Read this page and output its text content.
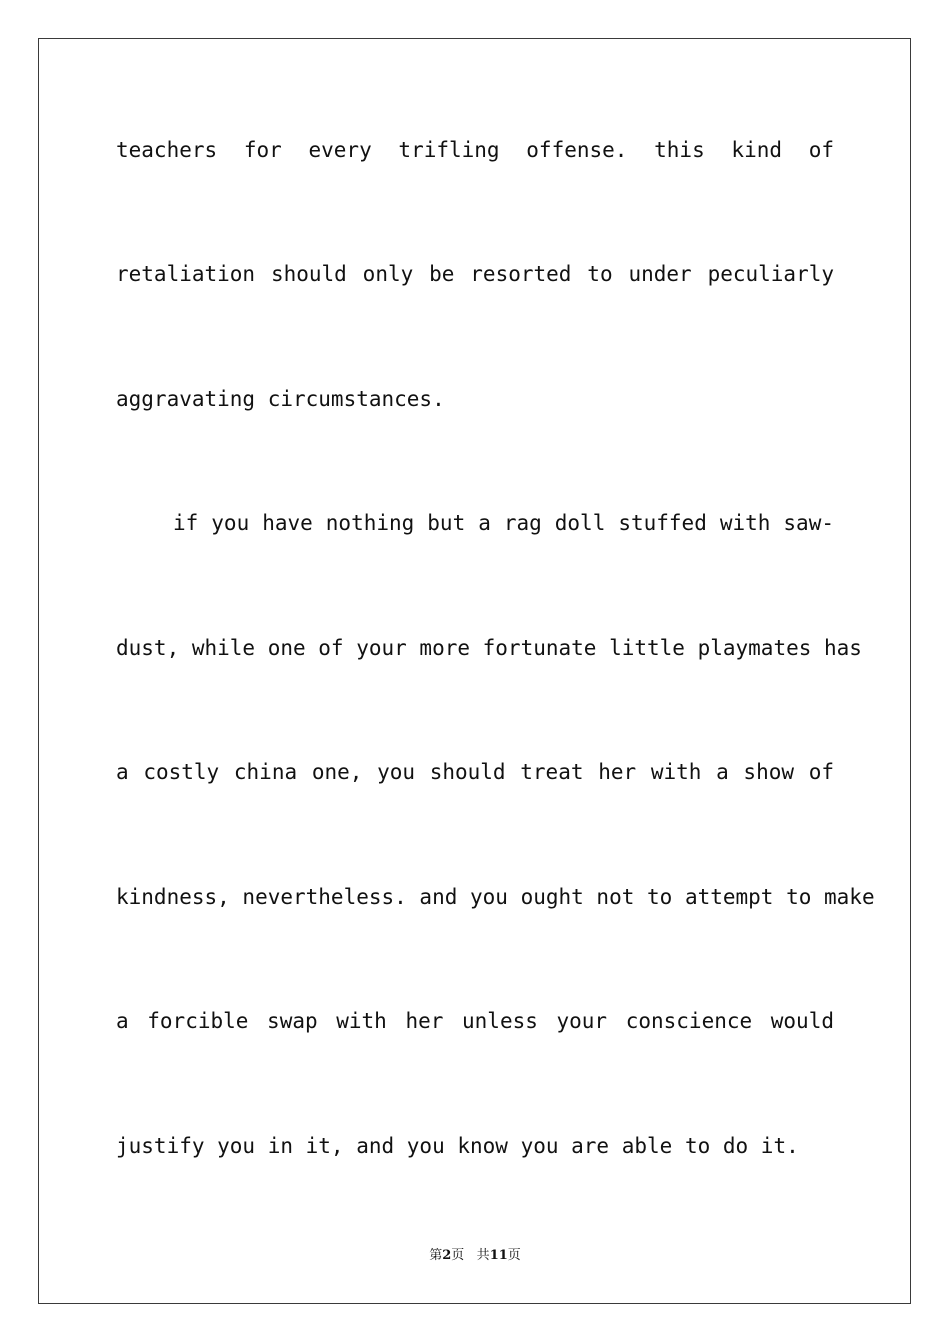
teachers for every trifling offense. this kind of
retaliation should only be resorted to under peculiarly
aggravating circumstances.
if you have nothing but a rag doll stuffed with saw-
dust, while one of your more fortunate little playmates has
a costly china one, you should treat her with a show of
kindness, nevertheless. and you ought not to attempt to make
a forcible swap with her unless your conscience would
justify you in it, and you know you are able to do it.
第2页 共11页
